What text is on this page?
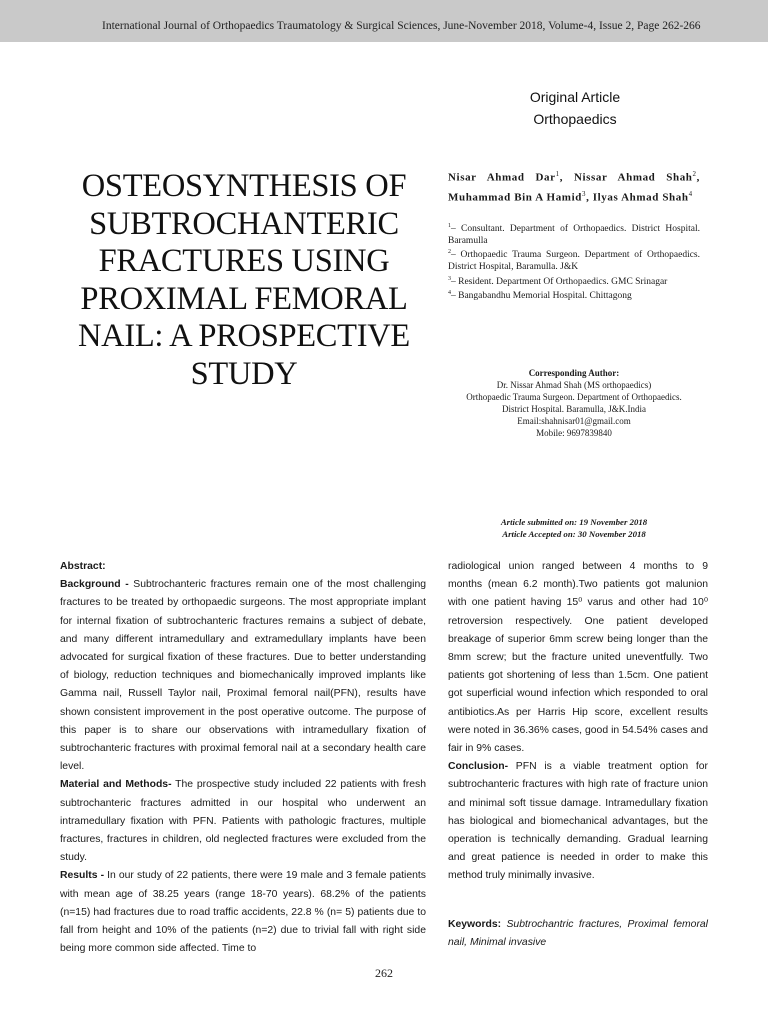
International Journal of Orthopaedics Traumatology & Surgical Sciences, June-November 2018, Volume-4, Issue 2, Page 262-266
Original Article
Orthopaedics
OSTEOSYNTHESIS OF SUBTROCHANTERIC FRACTURES USING PROXIMAL FEMORAL NAIL: A PROSPECTIVE STUDY
Nisar Ahmad Dar$^1$, Nissar Ahmad Shah$^2$, Muhammad Bin A Hamid$^3$, Ilyas Ahmad Shah$^4$
$^1$– Consultant. Department of Orthopaedics. District Hospital. Baramulla
$^2$– Orthopaedic Trauma Surgeon. Department of Orthopaedics. District Hospital, Baramulla. J&K
$^3$– Resident. Department Of Orthopaedics. GMC Srinagar
$^4$– Bangabandhu Memorial Hospital. Chittagong
Corresponding Author:
Dr. Nissar Ahmad Shah (MS orthopaedics)
Orthopaedic Trauma Surgeon. Department of Orthopaedics.
District Hospital. Baramulla, J&K.India
Email:shahnisar01@gmail.com
Mobile: 9697839840
Article submitted on: 19 November 2018
Article Accepted on: 30 November 2018

Abstract:

Background - Subtrochanteric fractures remain one of the most challenging fractures to be treated by orthopaedic surgeons. The most appropriate implant for internal fixation of subtrochanteric fractures remains a subject of debate, and many different intramedullary and extramedullary implants have been advocated for surgical fixation of these fractures. Due to better understanding of biology, reduction techniques and biomechanically improved implants like Gamma nail, Russell Taylor nail, Proximal femoral nail(PFN), results have shown consistent improvement in the post operative outcome. The purpose of this paper is to share our observations with intramedullary fixation of subtrochanteric fractures with proximal femoral nail at a secondary health care level.

Material and Methods- The prospective study included 22 patients with fresh subtrochanteric fractures admitted in our hospital who underwent an intramedullary fixation with PFN. Patients with pathologic fractures, multiple fractures, fractures in children, old neglected fractures were excluded from the study.

Results - In our study of 22 patients, there were 19 male and 3 female patients with mean age of 38.25 years (range 18-70 years). 68.2% of the patients (n=15) had fractures due to road traffic accidents, 22.8 % (n= 5) patients due to fall from height and 10% of the patients (n=2) due to trivial fall with right side being more common side affected. Time to

radiological union ranged between 4 months to 9 months (mean 6.2 month).Two patients got malunion with one patient having 15⁰ varus and other had 10⁰ retroversion respectively. One patient developed breakage of superior 6mm screw being longer than the 8mm screw; but the fracture united uneventfully. Two patients got shortening of less than 1.5cm. One patient got superficial wound infection which responded to oral antibiotics.As per Harris Hip score, excellent results were noted in 36.36% cases, good in 54.54% cases and fair in 9% cases.

Conclusion- PFN is a viable treatment option for subtrochanteric fractures with high rate of fracture union and minimal soft tissue damage. Intramedullary fixation has biological and biomechanical advantages, but the operation is technically demanding. Gradual learning and great patience is needed in order to make this method truly minimally invasive.

Keywords: Subtrochantric fractures, Proximal femoral nail, Minimal invasive
262
